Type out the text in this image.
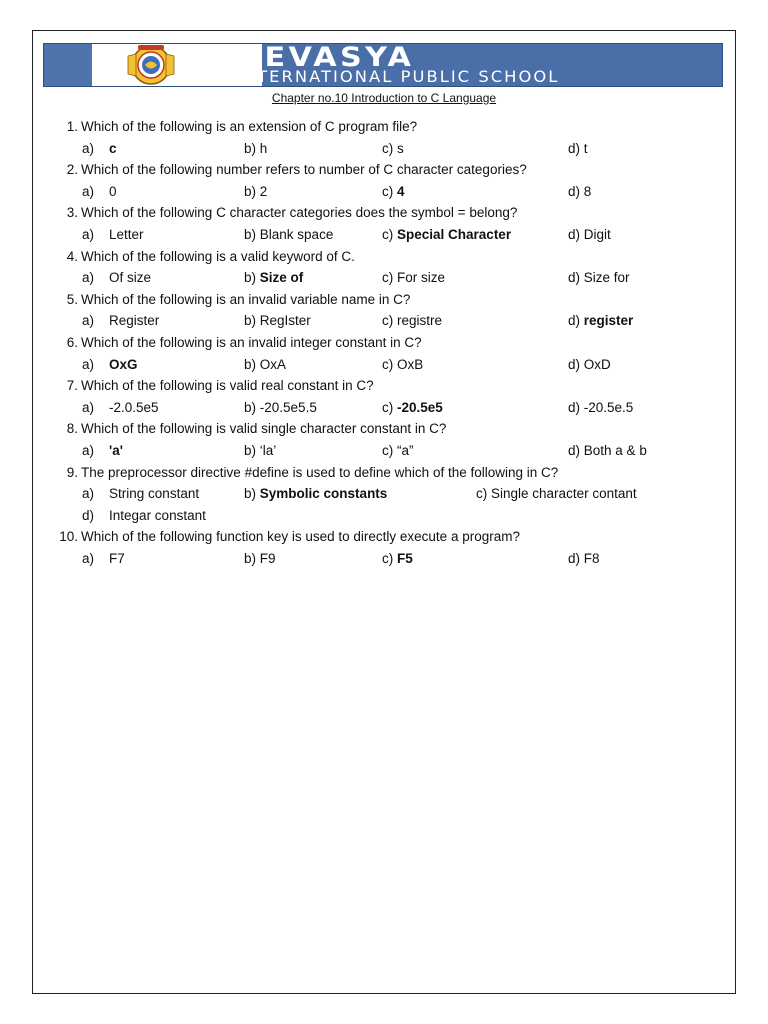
DEVASYA
INTERNATIONAL PUBLIC SCHOOL
Chapter no.10 Introduction to C Language
1. Which of the following is an extension of C program file?
a) c	b) h	c) s	d) t
2. Which of the following number refers to number of C character categories?
a) 0	b) 2	c) 4	d) 8
3. Which of the following C character categories does the symbol = belong?
a) Letter	b) Blank space	c) Special Character	d) Digit
4. Which of the following is a valid keyword of C.
a) Of size	b) Size of	c) For size	d) Size for
5. Which of the following is an invalid variable name in C?
a) Register	b) RegIster	c) registre	d) register
6. Which of the following is an invalid integer constant in C?
a) OxG	b) OxA	c) OxB	d) OxD
7. Which of the following is valid real constant in C?
a) -2.0.5e5	b) -20.5e5.5	c) -20.5e5	d) -20.5e.5
8. Which of the following is valid single character constant in C?
a) 'a'	b) ‘la’	c) “a”	d) Both a & b
9. The preprocessor directive #define is used to define which of the following in C?
a) String constant	b) Symbolic constants	c) Single character contant
d) Integar constant
10. Which of the following function key is used to directly execute a program?
a) F7	b) F9	c) F5	d) F8
